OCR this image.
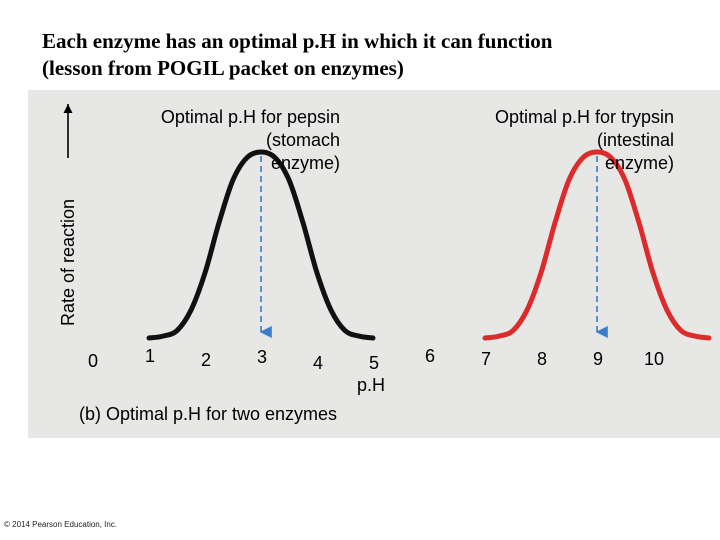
Each enzyme has an optimal p.H in which it can function
(lesson from POGIL packet on enzymes)
Rate of reaction
Optimal p.H for pepsin
(stomach
enzyme)
Optimal p.H for trypsin
(intestinal
enzyme)
0	1	2	3	4	5	6	7	8	9 10
p.H
(b) Optimal p.H for two enzymes
© 2014 Pearson Education, Inc.
